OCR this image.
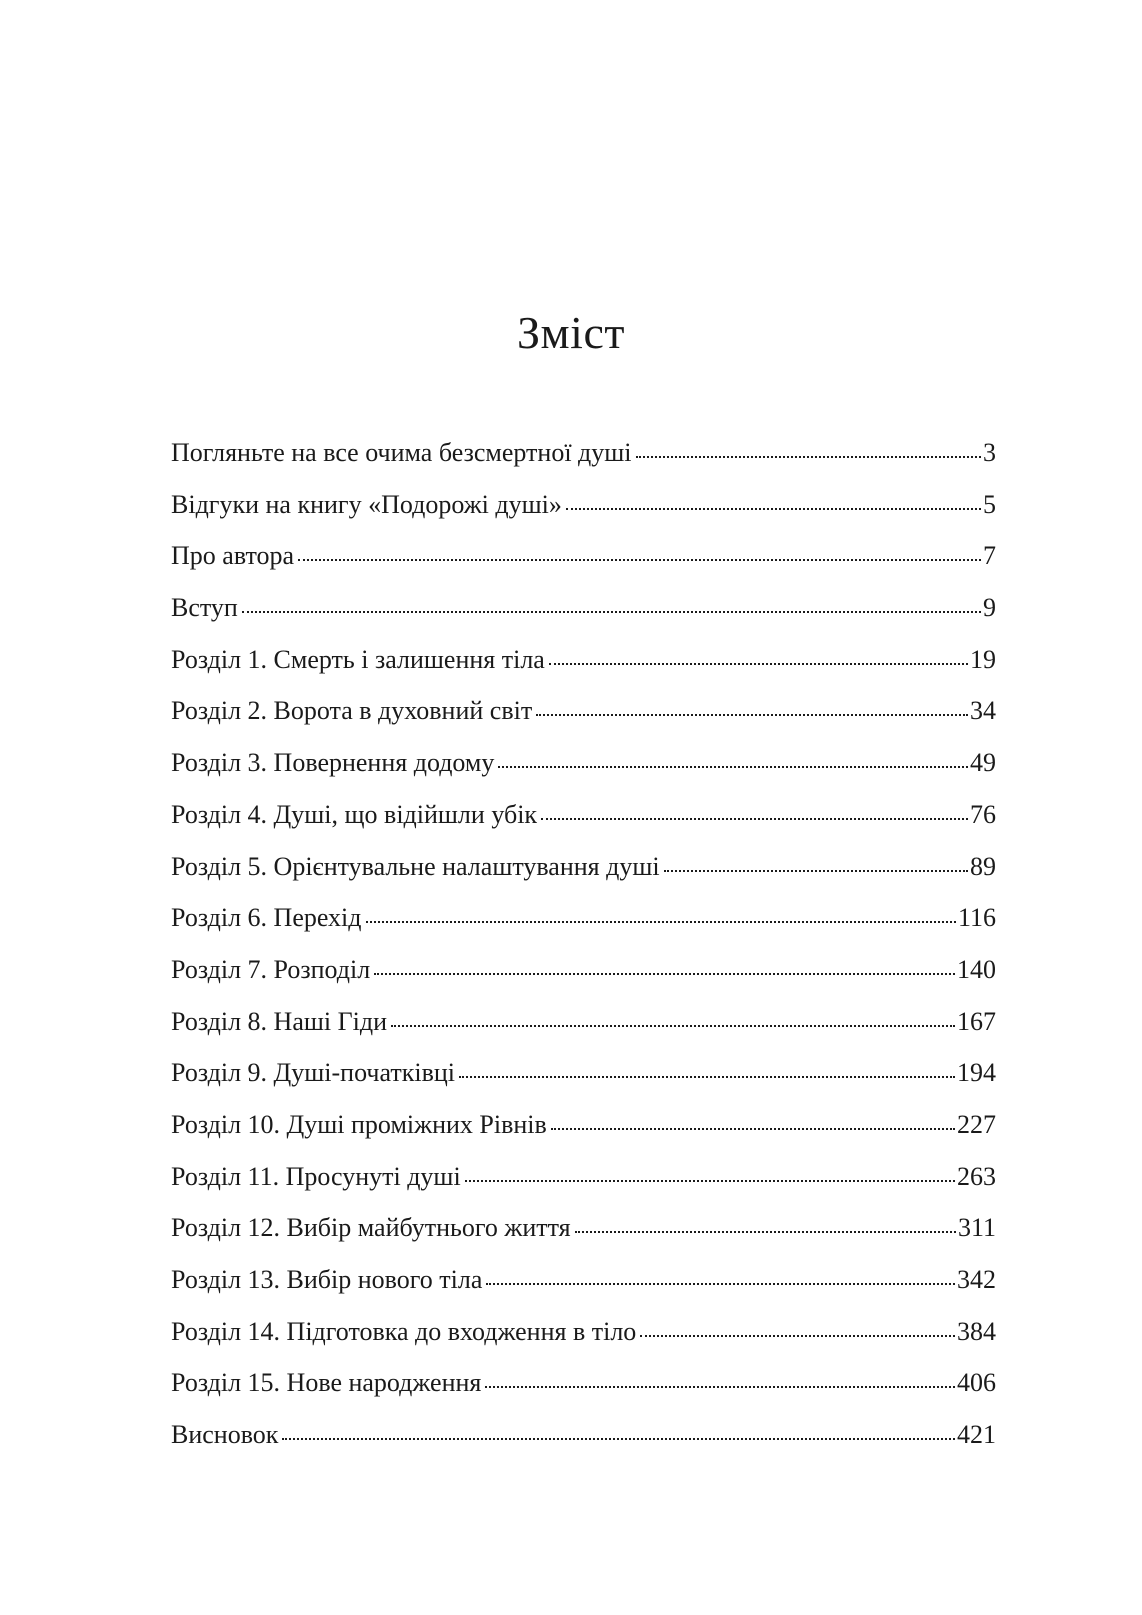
Зміст
Погляньте на все очима безсмертної душі	3
Відгуки на книгу «Подорожі душі»	5
Про автора	7
Вступ	9
Розділ 1. Смерть і залишення тіла	19
Розділ 2. Ворота в духовний світ	34
Розділ 3. Повернення додому	49
Розділ 4. Душі, що відійшли убік	76
Розділ 5. Орієнтувальне налаштування душі	89
Розділ 6. Перехід	116
Розділ 7. Розподіл	140
Розділ 8. Наші Гіди	167
Розділ 9. Душі-початківці	194
Розділ 10. Душі проміжних Рівнів	227
Розділ 11. Просунуті душі	263
Розділ 12. Вибір майбутнього життя	311
Розділ 13. Вибір нового тіла	342
Розділ 14. Підготовка до входження в тіло	384
Розділ 15. Нове народження	406
Висновок	421
